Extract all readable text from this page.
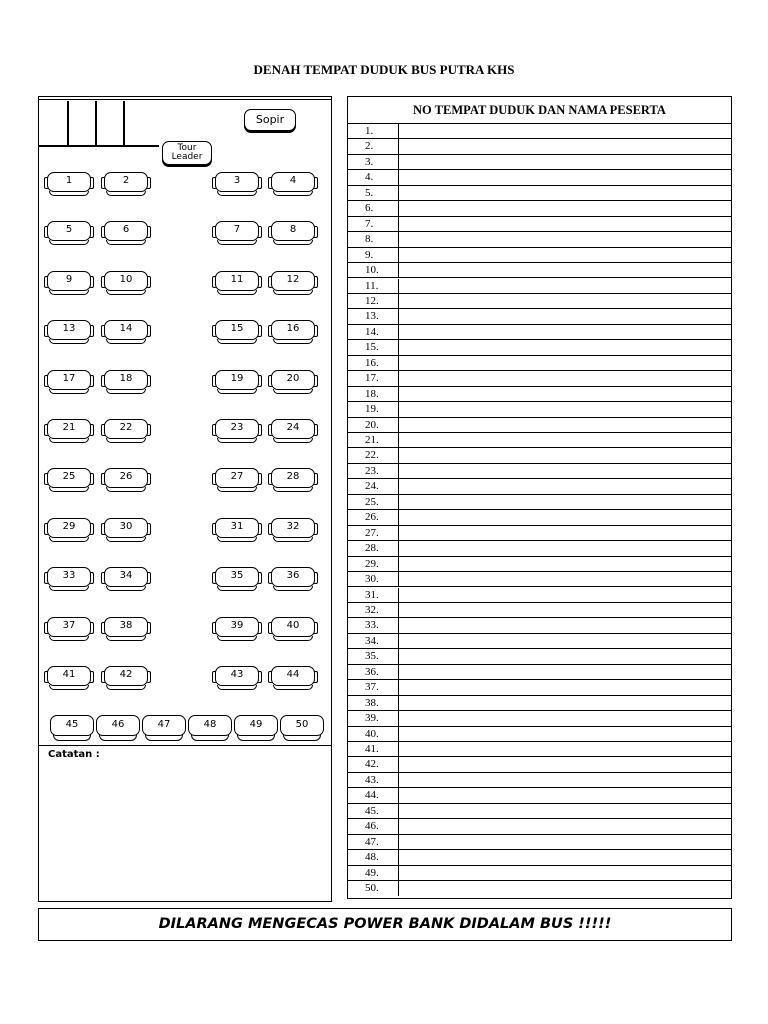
DENAH TEMPAT DUDUK BUS PUTRA KHS
Sopir
Tour
Leader
1	2	3	4
5	6	7	8
9	10	11	12
13	14	15	16
17	18	19	20
21	22	23	24
25	26	27	28
29	30	31	32
33	34	35	36
37	38	39	40
41	42	43	44
45	46	47	48	49	50
Catatan :
NO TEMPAT DUDUK DAN NAMA PESERTA
1.
2.
3.
4.
5.
6.
7.
8.
9.
10.
11.
12.
13.
14.
15.
16.
17.
18.
19.
20.
21.
22.
23.
24.
25.
26.
27.
28.
29.
30.
31.
32.
33.
34.
35.
36.
37.
38.
39.
40.
41.
42.
43.
44.
45.
46.
47.
48.
49.
50.
DILARANG MENGECAS POWER BANK DIDALAM BUS !!!!!
